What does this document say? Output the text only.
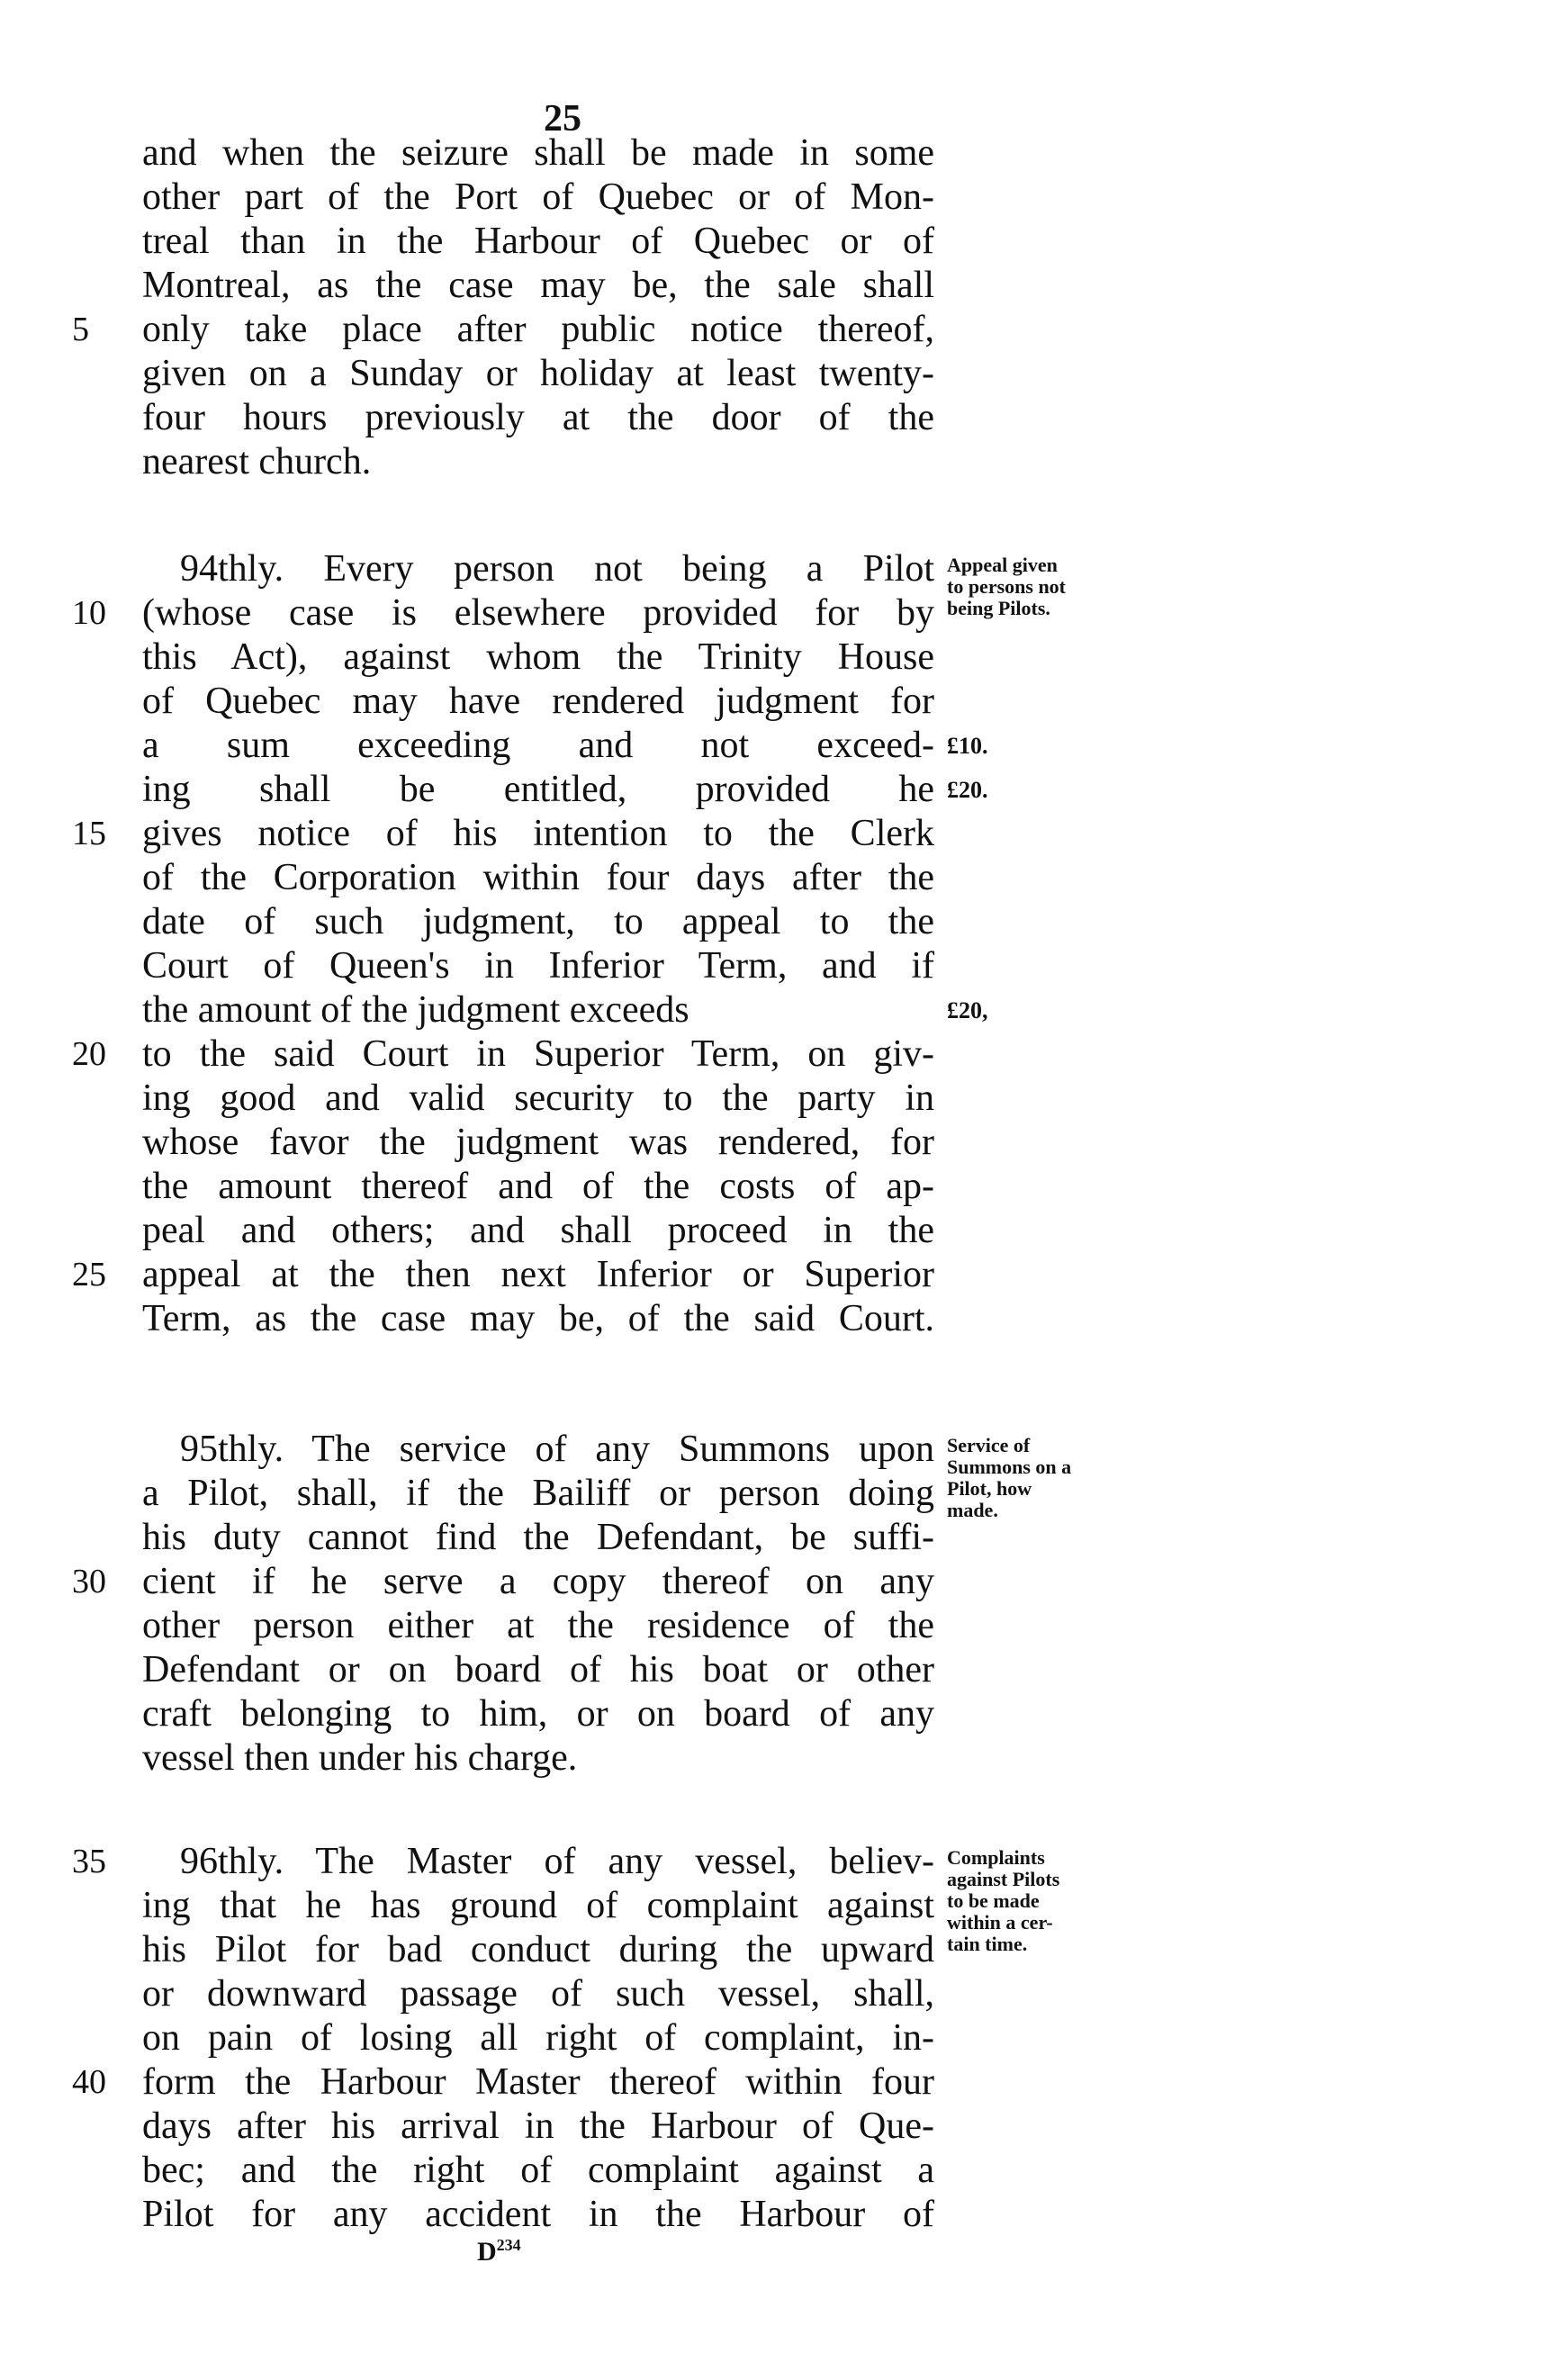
25
and when the seizure shall be made in some
other part of the Port of Quebec or of Mon-
treal than in the Harbour of Quebec or of
Montreal, as the case may be, the sale shall
only take place after public notice thereof,
given on a Sunday or holiday at least twenty-
four hours previously at the door of the
nearest church.
94thly. Every person not being a Pilot
(whose case is elsewhere provided for by
this Act), against whom the Trinity House
of Quebec may have rendered judgment for
a sum exceeding and not exceed-
ing shall be entitled, provided he
gives notice of his intention to the Clerk
of the Corporation within four days after the
date of such judgment, to appeal to the
Court of Queen's in Inferior Term, and if
the amount of the judgment exceeds
to the said Court in Superior Term, on giv-
ing good and valid security to the party in
whose favor the judgment was rendered, for
the amount thereof and of the costs of ap-
peal and others; and shall proceed in the
appeal at the then next Inferior or Superior
Term, as the case may be, of the said Court.
95thly. The service of any Summons upon
a Pilot, shall, if the Bailiff or person doing
his duty cannot find the Defendant, be suffi-
cient if he serve a copy thereof on any
other person either at the residence of the
Defendant or on board of his boat or other
craft belonging to him, or on board of any
vessel then under his charge.
96thly. The Master of any vessel, believ-
ing that he has ground of complaint against
his Pilot for bad conduct during the upward
or downward passage of such vessel, shall,
on pain of losing all right of complaint, in-
form the Harbour Master thereof within four
days after his arrival in the Harbour of Que-
bec; and the right of complaint against a
Pilot for any accident in the Harbour of
5
10
15
20
25
30
35
40
Appeal given
to persons not
being Pilots.
£10.
£20.
£20,
Service of
Summons on a
Pilot, how
made.
Complaints
against Pilots
to be made
within a cer-
tain time.
$D^{234}$
